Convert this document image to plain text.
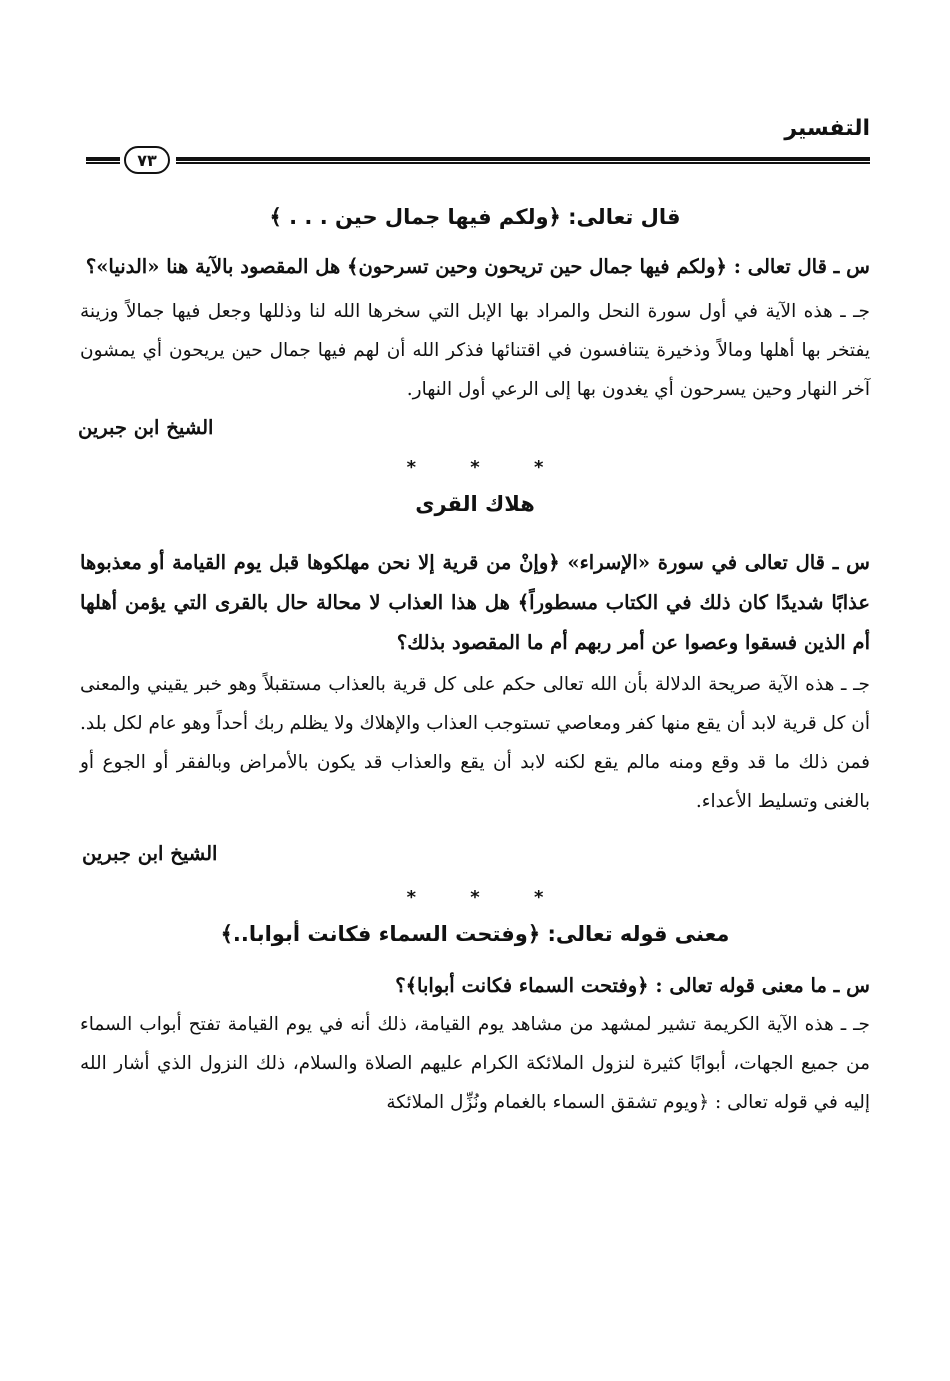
التفسير
٧٣
قال تعالى: ﴿ولكم فيها جمال حين . . . ﴾

س ـ قال تعالى : ﴿ولكم فيها جمال حين تريحون وحين تسرحون﴾ هل المقصود بالآية هنا «الدنيا»؟

جـ ـ هذه الآية في أول سورة النحل والمراد بها الإبل التي سخرها الله لنا وذللها وجعل فيها جمالاً وزينة يفتخر بها أهلها ومالاً وذخيرة يتنافسون في اقتنائها فذكر الله أن لهم فيها جمال حين يريحون أي يمشون آخر النهار وحين يسرحون أي يغدون بها إلى الرعي أول النهار.

الشيخ ابن جبرين
* * *
هلاك القرى

س ـ قال تعالى في سورة «الإسراء» ﴿وإنْ من قرية إلا نحن مهلكوها قبل يوم القيامة أو معذبوها عذابًا شديدًا كان ذلك في الكتاب مسطوراً﴾ هل هذا العذاب لا محالة حال بالقرى التي يؤمن أهلها أم الذين فسقوا وعصوا عن أمر ربهم أم ما المقصود بذلك؟

جـ ـ هذه الآية صريحة الدلالة بأن الله تعالى حكم على كل قرية بالعذاب مستقبلاً وهو خبر يقيني والمعنى أن كل قرية لابد أن يقع منها كفر ومعاصي تستوجب العذاب والإهلاك ولا يظلم ربك أحداً وهو عام لكل بلد. فمن ذلك ما قد وقع ومنه مالم يقع لكنه لابد أن يقع والعذاب قد يكون بالأمراض وبالفقر أو الجوع أو بالغنى وتسليط الأعداء.

الشيخ ابن جبرين
* * *
معنى قوله تعالى: ﴿وفتحت السماء فكانت أبوابا..﴾

س ـ ما معنى قوله تعالى : ﴿وفتحت السماء فكانت أبوابا﴾؟

جـ ـ هذه الآية الكريمة تشير لمشهد من مشاهد يوم القيامة، ذلك أنه في يوم القيامة تفتح أبواب السماء من جميع الجهات، أبوابًا كثيرة لنزول الملائكة الكرام عليهم الصلاة والسلام، ذلك النزول الذي أشار الله إليه في قوله تعالى : ﴿ويوم تشقق السماء بالغمام ونُزِّل الملائكة
